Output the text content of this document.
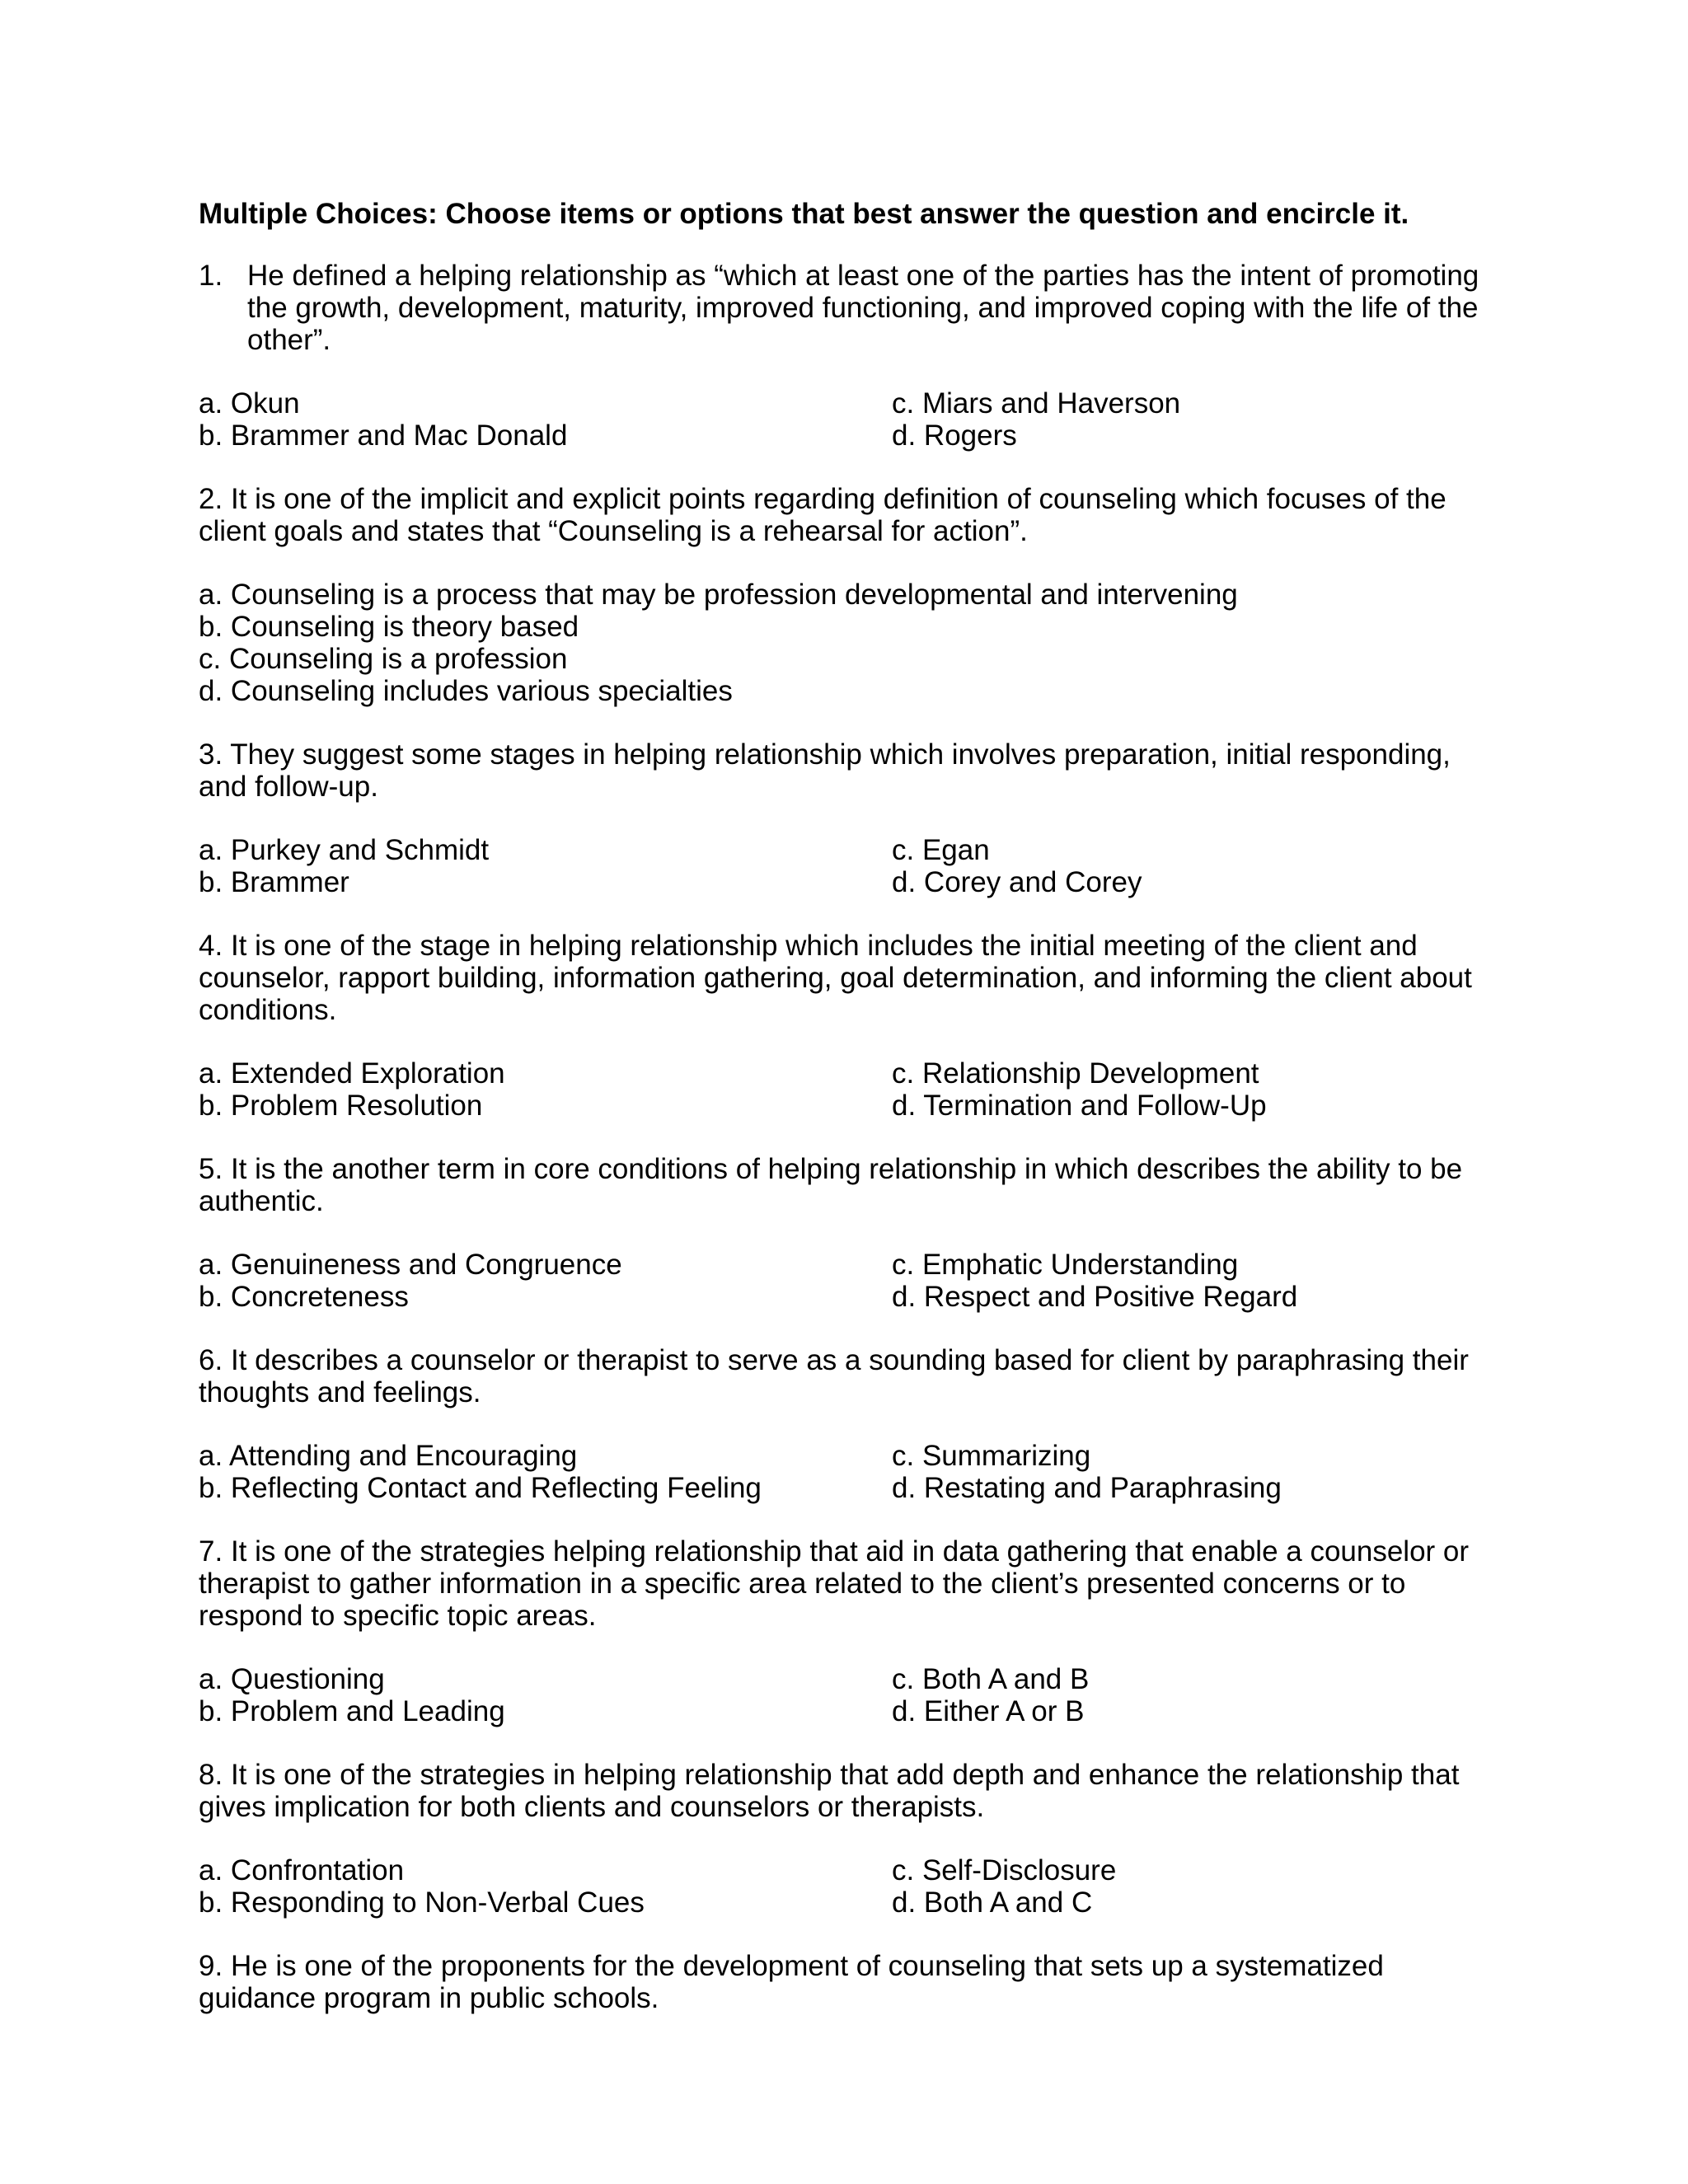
Multiple Choices: Choose items or options that best answer the question and encircle it.
1. He defined a helping relationship as “which at least one of the parties has the intent of promoting the growth, development, maturity, improved functioning, and improved coping with the life of the other”.
a. Okun	c. Miars and Haverson
b. Brammer and Mac Donald	d. Rogers
2. It is one of the implicit and explicit points regarding definition of counseling which focuses of the client goals and states that “Counseling is a rehearsal for action”.
a. Counseling is a process that may be profession developmental and intervening
b. Counseling is theory based
c. Counseling is a profession
d. Counseling includes various specialties
3. They suggest some stages in helping relationship which involves preparation, initial responding, and follow-up.
a. Purkey and Schmidt	c. Egan
b. Brammer	d. Corey and Corey
4. It is one of the stage in helping relationship which includes the initial meeting of the client and counselor, rapport building, information gathering, goal determination, and informing the client about conditions.
a. Extended Exploration	c. Relationship Development
b. Problem Resolution	d. Termination and Follow-Up
5. It is the another term in core conditions of helping relationship in which describes the ability to be authentic.
a. Genuineness and Congruence	c. Emphatic Understanding
b. Concreteness	d. Respect and Positive Regard
6. It describes a counselor or therapist to serve as a sounding based for client by paraphrasing their thoughts and feelings.
a. Attending and Encouraging	c. Summarizing
b. Reflecting Contact and Reflecting Feeling	d. Restating and Paraphrasing
7. It is one of the strategies helping relationship that aid in data gathering that enable a counselor or therapist to gather information in a specific area related to the client’s presented concerns or to respond to specific topic areas.
a. Questioning	c. Both A and B
b. Problem and Leading	d. Either A or B
8. It is one of the strategies in helping relationship that add depth and enhance the relationship that gives implication for both clients and counselors or therapists.
a. Confrontation	c. Self-Disclosure
b. Responding to Non-Verbal Cues	d. Both A and C
9. He is one of the proponents for the development of counseling that sets up a systematized guidance program in public schools.
